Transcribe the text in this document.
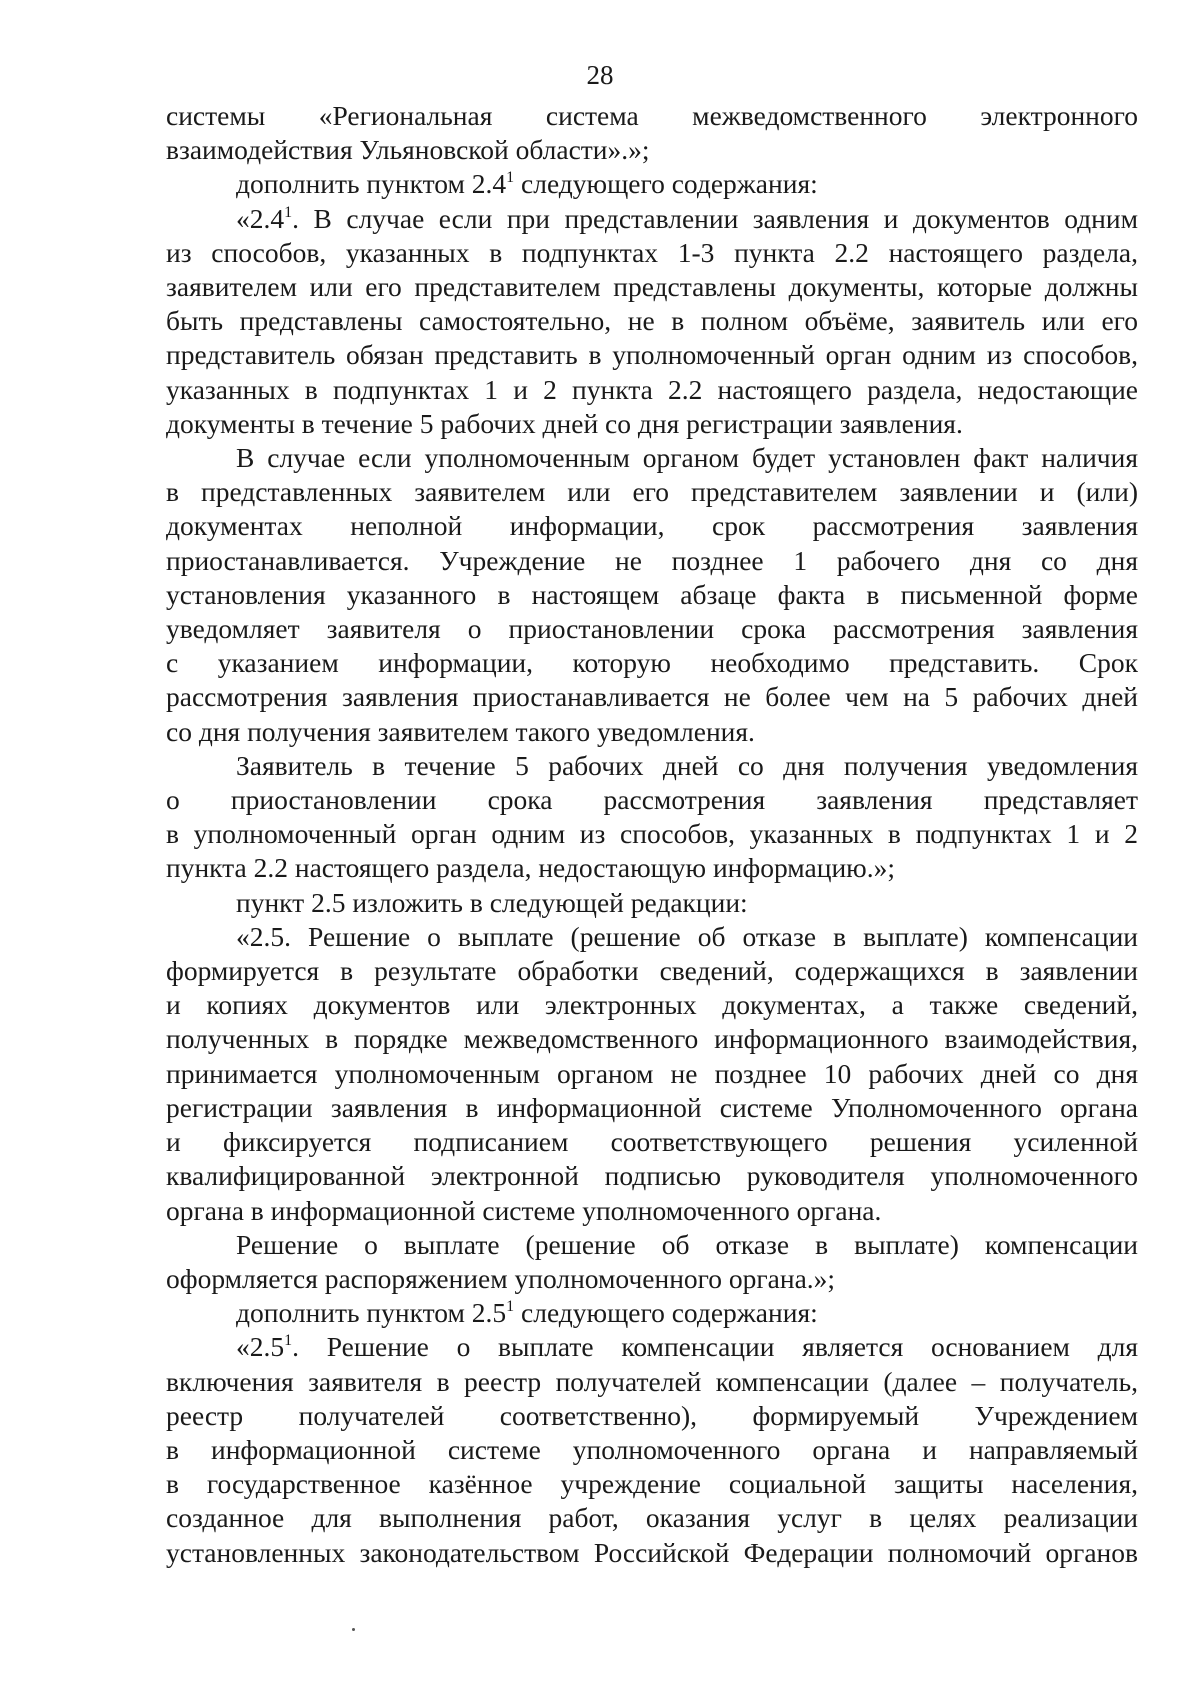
28
системы «Региональная система межведомственного электронного
взаимодействия Ульяновской области».»;
дополнить пунктом $2.4^1$ следующего содержания:
«$2.4^1$. В случае если при представлении заявления и документов одним
из способов, указанных в подпунктах 1-3 пункта 2.2 настоящего раздела,
заявителем или его представителем представлены документы, которые должны
быть представлены самостоятельно, не в полном объёме, заявитель или его
представитель обязан представить в уполномоченный орган одним из способов,
указанных в подпунктах 1 и 2 пункта 2.2 настоящего раздела, недостающие
документы в течение 5 рабочих дней со дня регистрации заявления.
В случае если уполномоченным органом будет установлен факт наличия
в представленных заявителем или его представителем заявлении и (или)
документах неполной информации, срок рассмотрения заявления
приостанавливается. Учреждение не позднее 1 рабочего дня со дня
установления указанного в настоящем абзаце факта в письменной форме
уведомляет заявителя о приостановлении срока рассмотрения заявления
с указанием информации, которую необходимо представить. Срок
рассмотрения заявления приостанавливается не более чем на 5 рабочих дней
со дня получения заявителем такого уведомления.
Заявитель в течение 5 рабочих дней со дня получения уведомления
о приостановлении срока рассмотрения заявления представляет
в уполномоченный орган одним из способов, указанных в подпунктах 1 и 2
пункта 2.2 настоящего раздела, недостающую информацию.»;
пункт 2.5 изложить в следующей редакции:
«2.5. Решение о выплате (решение об отказе в выплате) компенсации
формируется в результате обработки сведений, содержащихся в заявлении
и копиях документов или электронных документах, а также сведений,
полученных в порядке межведомственного информационного взаимодействия,
принимается уполномоченным органом не позднее 10 рабочих дней со дня
регистрации заявления в информационной системе Уполномоченного органа
и фиксируется подписанием соответствующего решения усиленной
квалифицированной электронной подписью руководителя уполномоченного
органа в информационной системе уполномоченного органа.
Решение о выплате (решение об отказе в выплате) компенсации
оформляется распоряжением уполномоченного органа.»;
дополнить пунктом $2.5^1$ следующего содержания:
«$2.5^1$. Решение о выплате компенсации является основанием для
включения заявителя в реестр получателей компенсации (далее – получатель,
реестр получателей соответственно), формируемый Учреждением
в информационной системе уполномоченного органа и направляемый
в государственное казённое учреждение социальной защиты населения,
созданное для выполнения работ, оказания услуг в целях реализации
установленных законодательством Российской Федерации полномочий органов
